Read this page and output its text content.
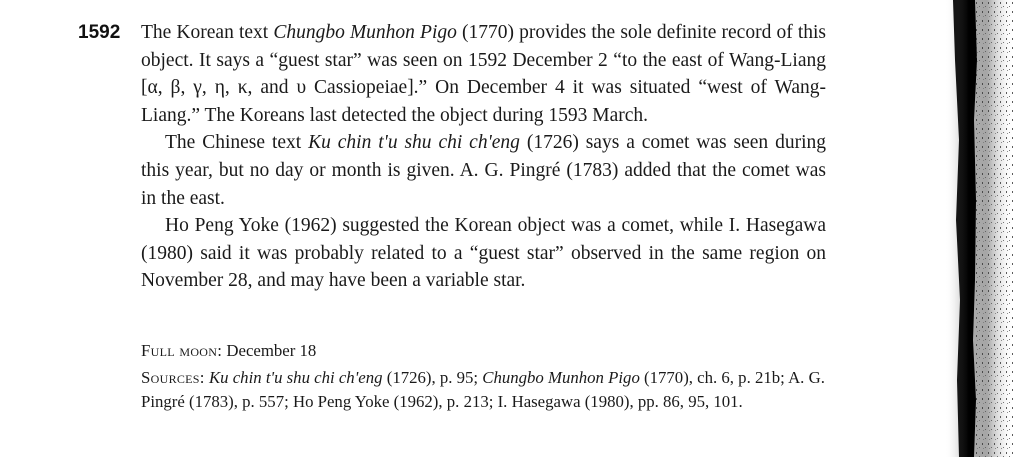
1592 The Korean text Chungbo Munhon Pigo (1770) provides the sole definite record of this object. It says a “guest star” was seen on 1592 December 2 “to the east of Wang-Liang [α, β, γ, η, κ, and υ Cassiopeiae].” On December 4 it was situated “west of Wang-Liang.” The Koreans last detected the object during 1593 March.

The Chinese text Ku chin t'u shu chi ch'eng (1726) says a comet was seen during this year, but no day or month is given. A. G. Pingré (1783) added that the comet was in the east.

Ho Peng Yoke (1962) suggested the Korean object was a comet, while I. Hasegawa (1980) said it was probably related to a “guest star” observed in the same region on November 28, and may have been a variable star.

Full moon: December 18

Sources: Ku chin t'u shu chi ch'eng (1726), p. 95; Chungbo Munhon Pigo (1770), ch. 6, p. 21b; A. G. Pingré (1783), p. 557; Ho Peng Yoke (1962), p. 213; I. Hasegawa (1980), pp. 86, 95, 101.
